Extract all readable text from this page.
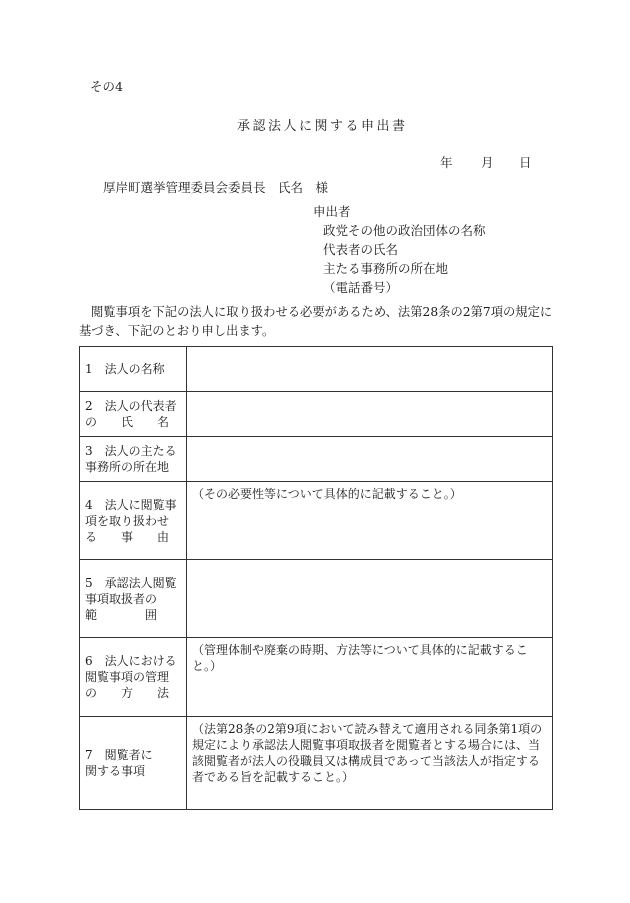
その4
承認法人に関する申出書
年 月 日
厚岸町選挙管理委員会委員長　氏名　様
申出者
政党その他の政治団体の名称
代表者の氏名
主たる事務所の所在地
（電話番号）
閲覧事項を下記の法人に取り扱わせる必要があるため、法第28条の2第7項の規定に基づき、下記のとおり申し出ます。
1　法人の名称	

2　法人の代表者
の　　氏　　名	

3　法人の主たる
事務所の所在地	

4　法人に閲覧事
項を取り扱わせ
る　　事　　由	（その必要性等について具体的に記載すること。）

5　承認法人閲覧
事項取扱者の
範　　　　囲	

6　法人における
閲覧事項の管理
の　　方　　法	（管理体制や廃棄の時期、方法等について具体的に記載すること。）

7　閲覧者に
関する事項	（法第28条の2第9項において読み替えて適用される同条第1項の規定により承認法人閲覧事項取扱者を閲覧者とする場合には、当該閲覧者が法人の役職員又は構成員であって当該法人が指定する者である旨を記載すること。）
